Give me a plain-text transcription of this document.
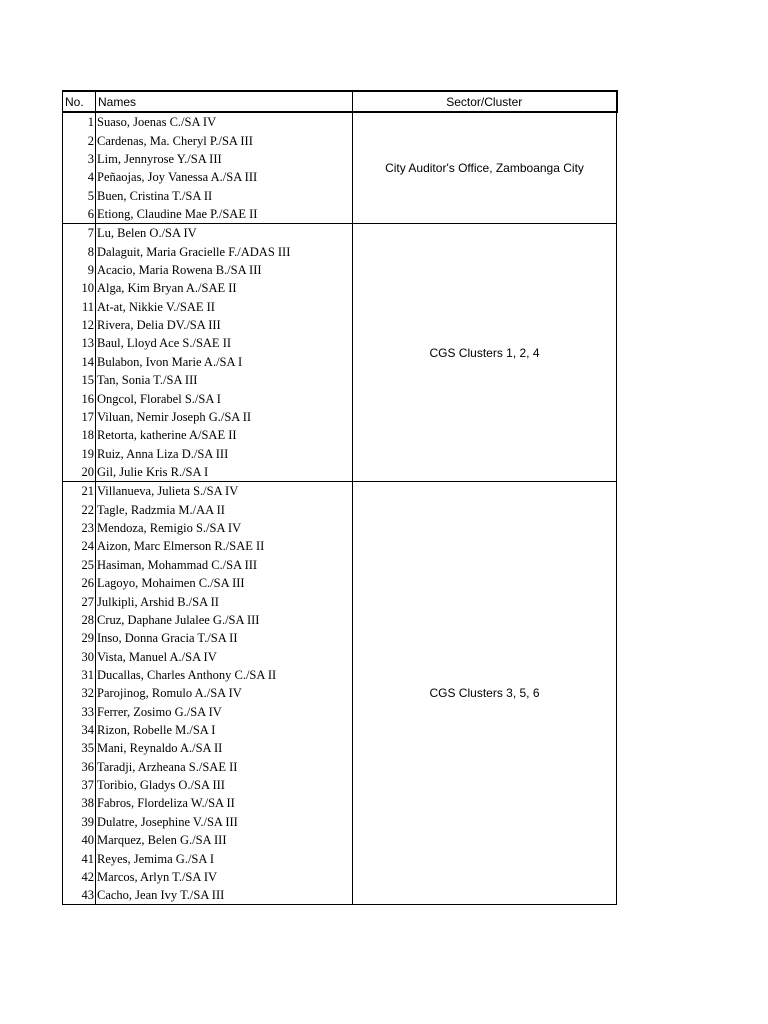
No.	Names	Sector/Cluster
1	Suaso, Joenas C./SA IV	City Auditor's Office, Zamboanga City
2	Cardenas, Ma. Cheryl P./SA III	
3	Lim, Jennyrose Y./SA III	
4	Peñaojas, Joy Vanessa A./SA III	
5	Buen, Cristina T./SA II	
6	Etiong, Claudine Mae P./SAE II	
7	Lu, Belen O./SA IV	CGS Clusters 1, 2, 4
8	Dalaguit, Maria Gracielle F./ADAS III	
9	Acacio, Maria Rowena B./SA III	
10	Alga, Kim Bryan A./SAE II	
11	At-at, Nikkie V./SAE II	
12	Rivera, Delia DV./SA III	
13	Baul, Lloyd Ace S./SAE II	
14	Bulabon, Ivon Marie A./SA I	
15	Tan, Sonia T./SA III	
16	Ongcol, Florabel S./SA I	
17	Viluan, Nemir Joseph G./SA II	
18	Retorta, katherine A/SAE II	
19	Ruiz, Anna Liza D./SA III	
20	Gil, Julie Kris R./SA I	
21	Villanueva, Julieta S./SA IV	CGS Clusters 3, 5, 6
22	Tagle, Radzmia M./AA II	
23	Mendoza, Remigio S./SA IV	
24	Aizon, Marc Elmerson R./SAE II	
25	Hasiman, Mohammad C./SA III	
26	Lagoyo, Mohaimen C./SA III	
27	Julkipli, Arshid B./SA II	
28	Cruz, Daphane Julalee G./SA III	
29	Inso, Donna Gracia T./SA II	
30	Vista, Manuel A./SA IV	
31	Ducallas, Charles Anthony C./SA II	
32	Parojinog, Romulo A./SA IV	
33	Ferrer, Zosimo G./SA IV	
34	Rizon, Robelle M./SA I	
35	Mani, Reynaldo A./SA II	
36	Taradji, Arzheana S./SAE II	
37	Toribio, Gladys O./SA III	
38	Fabros, Flordeliza W./SA II	
39	Dulatre, Josephine V./SA III	
40	Marquez, Belen G./SA III	
41	Reyes, Jemima G./SA I	
42	Marcos, Arlyn T./SA IV	
43	Cacho, Jean Ivy T./SA III	
